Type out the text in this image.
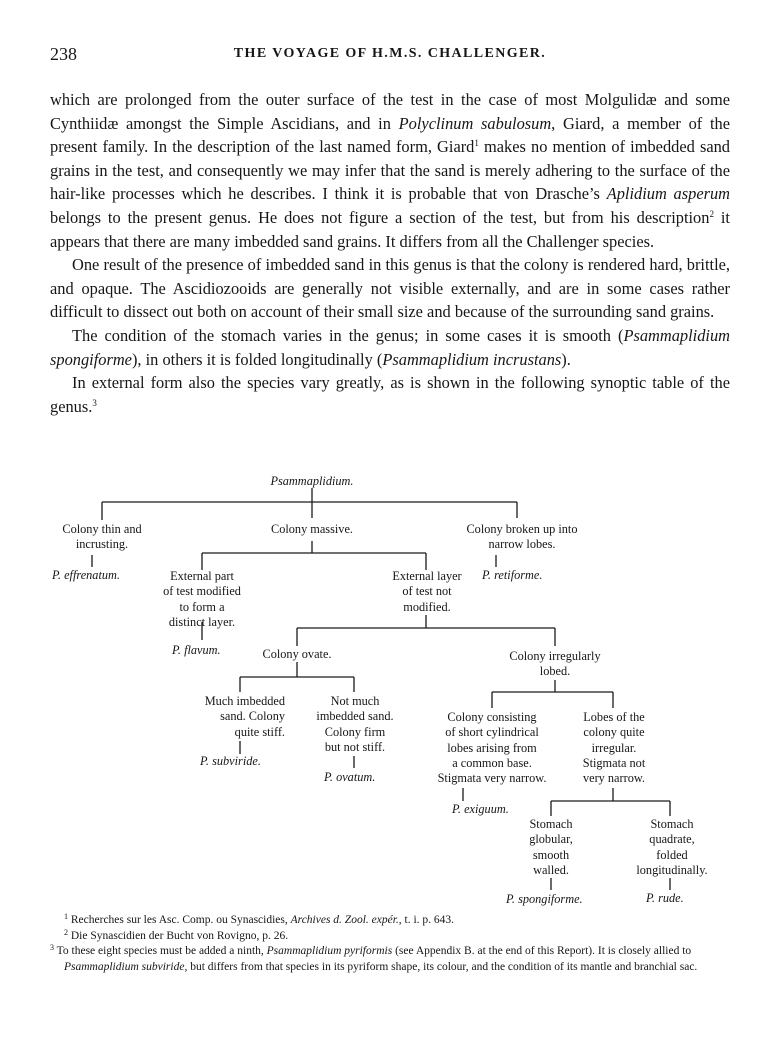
238	THE VOYAGE OF H.M.S. CHALLENGER.

which are prolonged from the outer surface of the test in the case of most Molgulidæ and some Cynthiidæ amongst the Simple Ascidians, and in Polyclinum sabulosum, Giard, a member of the present family. In the description of the last named form, Giard$^1$ makes no mention of imbedded sand grains in the test, and consequently we may infer that the sand is merely adhering to the surface of the hair-like processes which he describes. I think it is probable that von Drasche’s Aplidium asperum belongs to the present genus. He does not figure a section of the test, but from his description$^2$ it appears that there are many imbedded sand grains. It differs from all the Challenger species.

One result of the presence of imbedded sand in this genus is that the colony is rendered hard, brittle, and opaque. The Ascidiozooids are generally not visible externally, and are in some cases rather difficult to dissect out both on account of their small size and because of the surrounding sand grains.

The condition of the stomach varies in the genus; in some cases it is smooth (Psammaplidium spongiforme), in others it is folded longitudinally (Psammaplidium incrustans).

In external form also the species vary greatly, as is shown in the following synoptic table of the genus.$^3$

Psammaplidium.
Colony thin and
incrusting.
Colony massive.	Colony broken up into
narrow lobes.
P. effrenatum.	P. retiforme.
External part
of test modified
to form a
distinct layer.
External layer
of test not
modified.
P. flavum.	Colony ovate.	Colony irregularly
lobed.
Much imbedded
sand. Colony
quite stiff.
Not much
imbedded sand.
Colony firm
but not stiff.
P. subviride.
P. ovatum.
Colony consisting
of short cylindrical
lobes arising from
a common base.
Stigmata very narrow.
Lobes of the
colony quite
irregular.
Stigmata not
very narrow.
P. exiguum.
Stomach
globular,
smooth
walled.
Stomach
quadrate,
folded
longitudinally.
P. spongiforme.	P. rude.

$^1$ Recherches sur les Asc. Comp. ou Synascidies, Archives d. Zool. expér., t. i. p. 643.

$^2$ Die Synascidien der Bucht von Rovigno, p. 26.

$^3$ To these eight species must be added a ninth, Psammaplidium pyriformis (see Appendix B. at the end of this Report). It is closely allied to Psammaplidium subviride, but differs from that species in its pyriform shape, its colour, and the condition of its mantle and branchial sac.
